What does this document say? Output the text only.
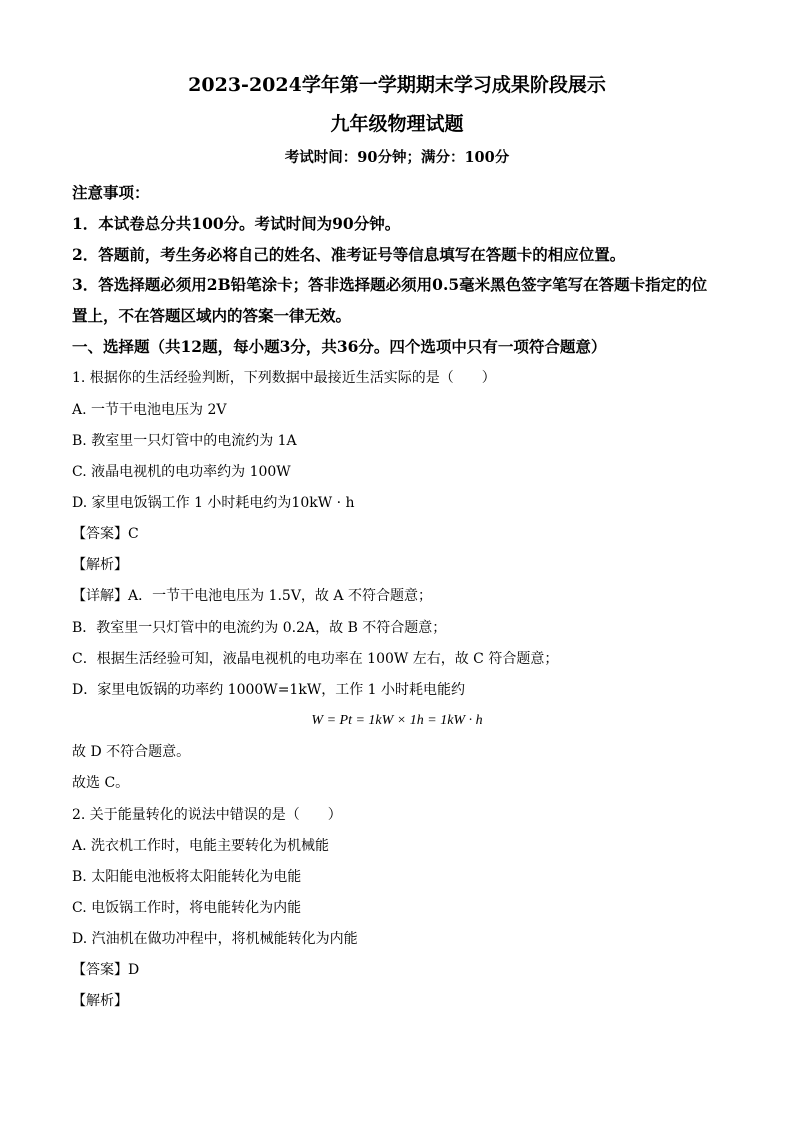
2023-2024学年第一学期期末学习成果阶段展示
九年级物理试题
考试时间：90分钟；满分：100分
注意事项：
1．本试卷总分共100分。考试时间为90分钟。
2．答题前，考生务必将自己的姓名、准考证号等信息填写在答题卡的相应位置。
3．答选择题必须用2B铅笔涂卡；答非选择题必须用0.5毫米黑色签字笔写在答题卡指定的位
置上，不在答题区域内的答案一律无效。
一、选择题（共12题，每小题3分，共36分。四个选项中只有一项符合题意）
1. 根据你的生活经验判断，下列数据中最接近生活实际的是（　　）
A. 一节干电池电压为 2V
B. 教室里一只灯管中的电流约为 1A
C. 液晶电视机的电功率约为 100W
D. 家里电饭锅工作 1 小时耗电约为10kW · h
【答案】C
【解析】
【详解】A．一节干电池电压为 1.5V，故 A 不符合题意；
B．教室里一只灯管中的电流约为 0.2A，故 B 不符合题意；
C．根据生活经验可知，液晶电视机的电功率在 100W 左右，故 C 符合题意；
D．家里电饭锅的功率约 1000W=1kW，工作 1 小时耗电能约
W = Pt = 1kW × 1h = 1kW · h
故 D 不符合题意。
故选 C。
2. 关于能量转化的说法中错误的是（　　）
A. 洗衣机工作时，电能主要转化为机械能
B. 太阳能电池板将太阳能转化为电能
C. 电饭锅工作时，将电能转化为内能
D. 汽油机在做功冲程中，将机械能转化为内能
【答案】D
【解析】
